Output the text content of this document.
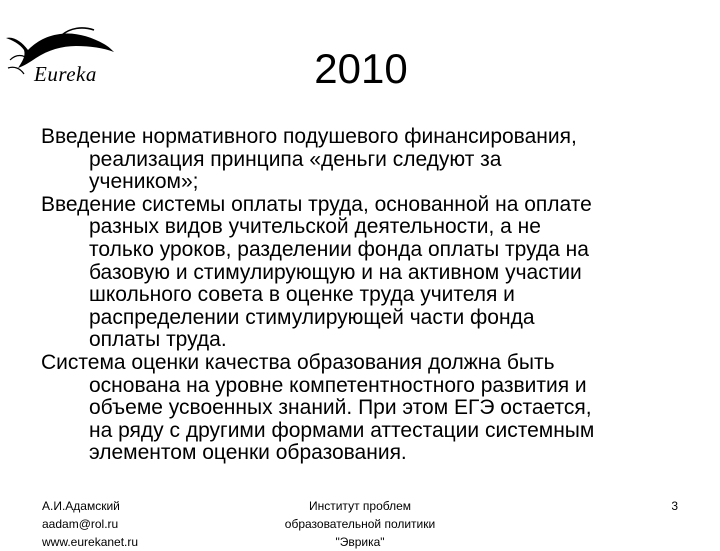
Eureka	2010

Введение нормативного подушевого финансирования,
реализация принципа «деньги следуют за
учеником»;

Введение системы оплаты труда, основанной на оплате
разных видов учительской деятельности, а не
только уроков, разделении фонда оплаты труда на
базовую и стимулирующую и на активном участии
школьного совета в оценке труда учителя и
распределении стимулирующей части фонда
оплаты труда.

Система оценки качества образования должна быть
основана на уровне компетентностного развития и
объеме усвоенных знаний. При этом ЕГЭ остается,
на ряду с другими формами аттестации системным
элементом оценки образования.

А.И.Адамский
aadam@rol.ru
www.eurekanet.ru
Институт проблем
образовательной политики
"Эврика"
3
